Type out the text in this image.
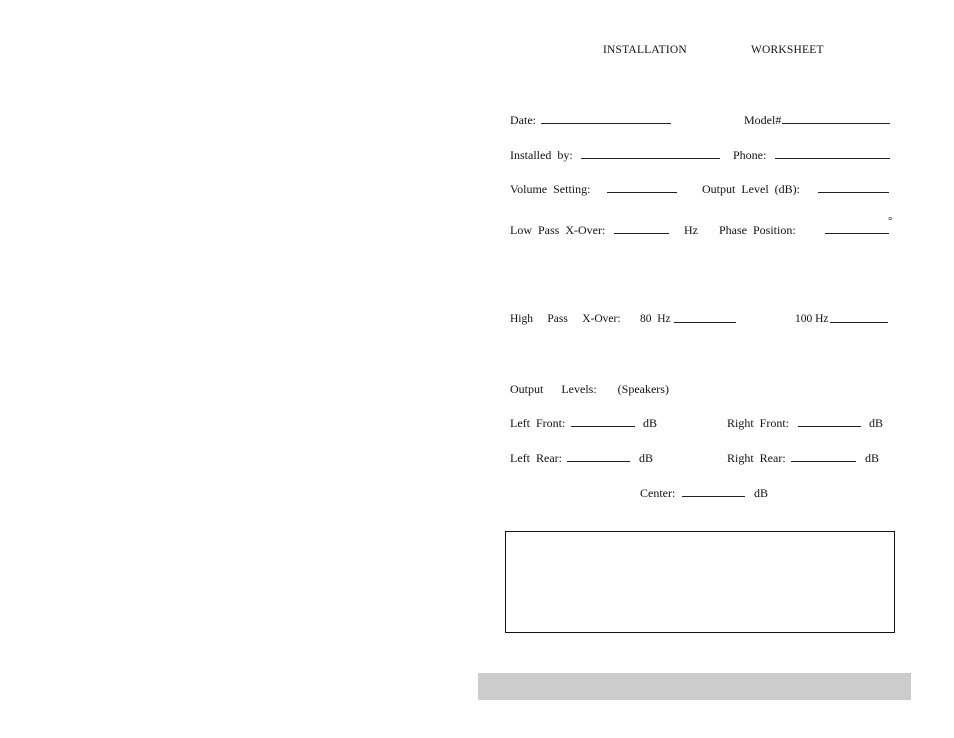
INSTALLATION	WORKSHEET
Date:	Model#
Installed  by:	Phone:
Volume  Setting:	Output  Level  (dB):
Low  Pass  X-Over:	Hz Phase  Position:
°
High     Pass     X-Over: 80  Hz	100 Hz
Output      Levels:       (Speakers)
Left  Front:	dB	Right  Front:	dB
Left  Rear:	dB	Right  Rear:	dB
Center:	dB
